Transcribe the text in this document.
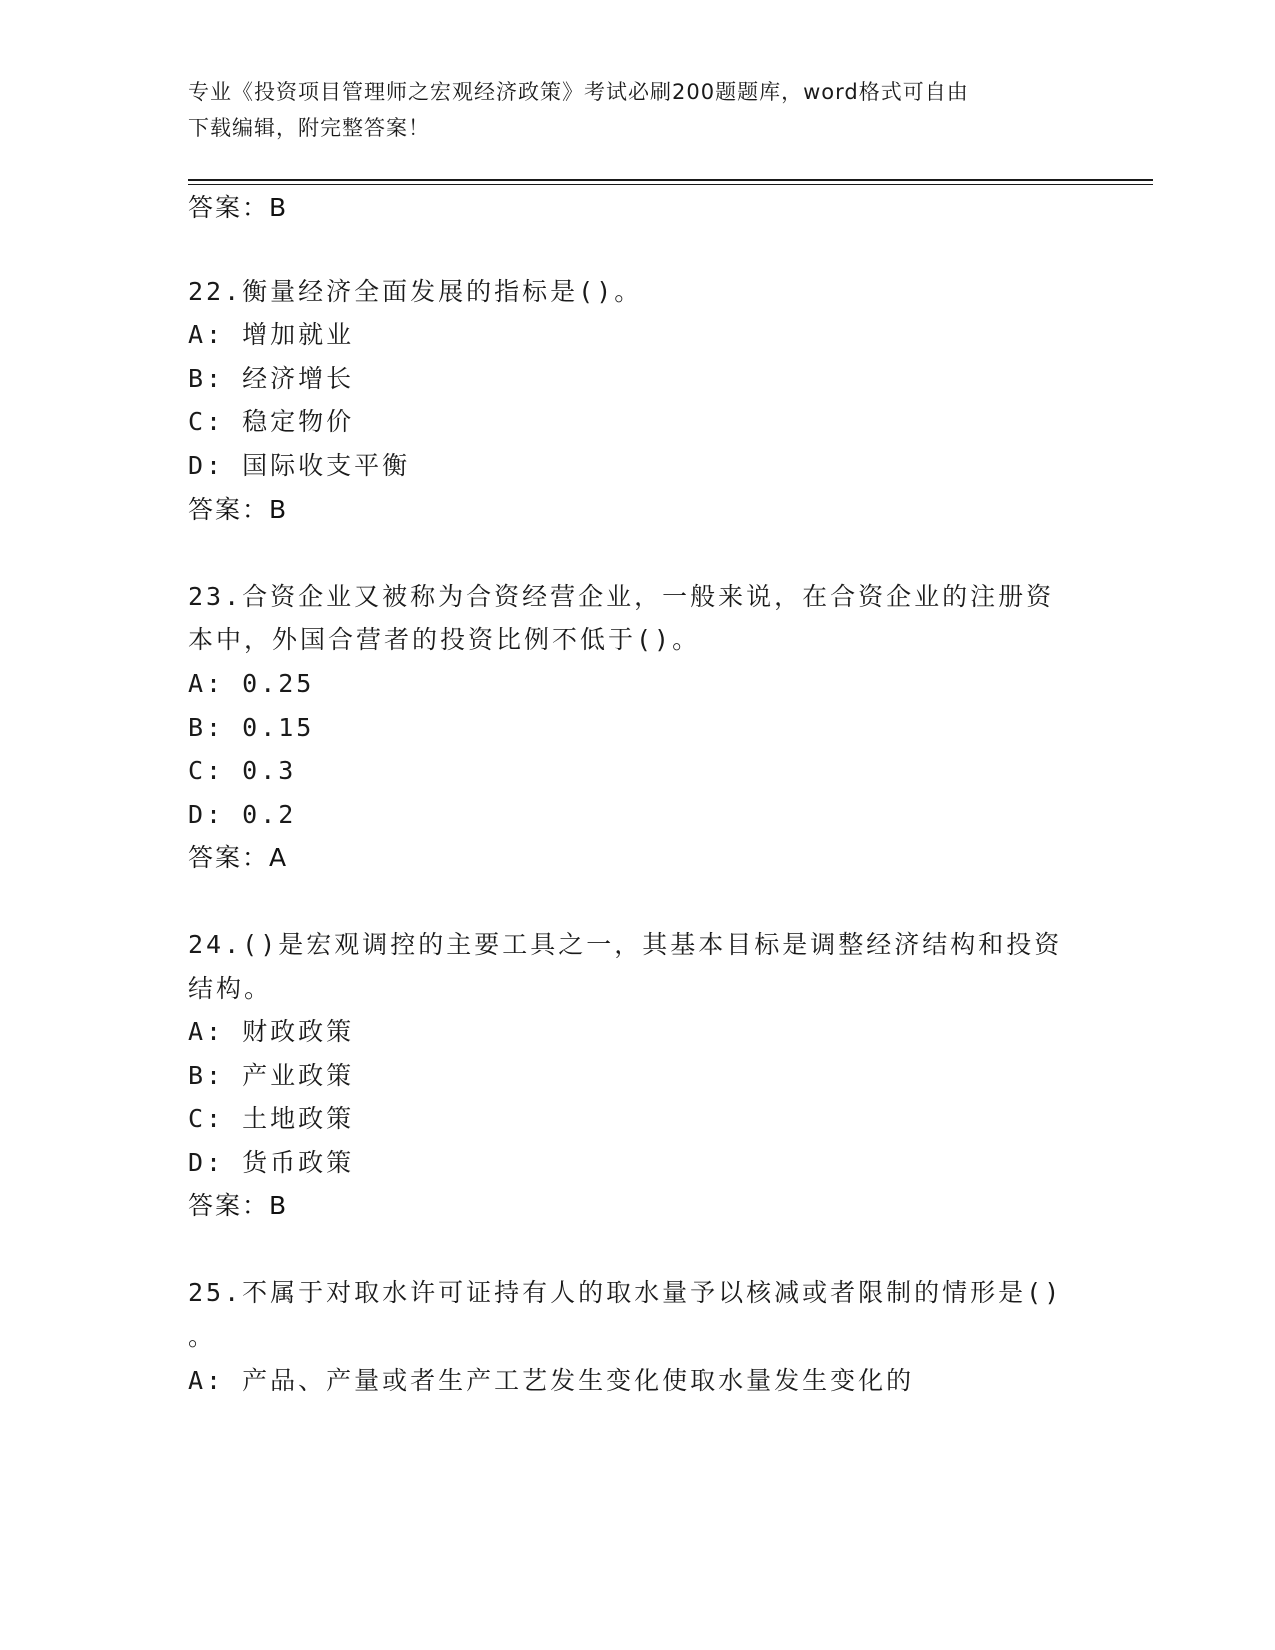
专业《投资项目管理师之宏观经济政策》考试必刷200题题库，word格式可自由
下载编辑，附完整答案！
答案：B
22.衡量经济全面发展的指标是()。
A: 增加就业
B: 经济增长
C: 稳定物价
D: 国际收支平衡
答案：B
23.合资企业又被称为合资经营企业，一般来说，在合资企业的注册资
本中，外国合营者的投资比例不低于()。
A: 0.25
B: 0.15
C: 0.3
D: 0.2
答案：A
24.()是宏观调控的主要工具之一，其基本目标是调整经济结构和投资
结构。
A: 财政政策
B: 产业政策
C: 土地政策
D: 货币政策
答案：B
25.不属于对取水许可证持有人的取水量予以核减或者限制的情形是()
。
A: 产品、产量或者生产工艺发生变化使取水量发生变化的
